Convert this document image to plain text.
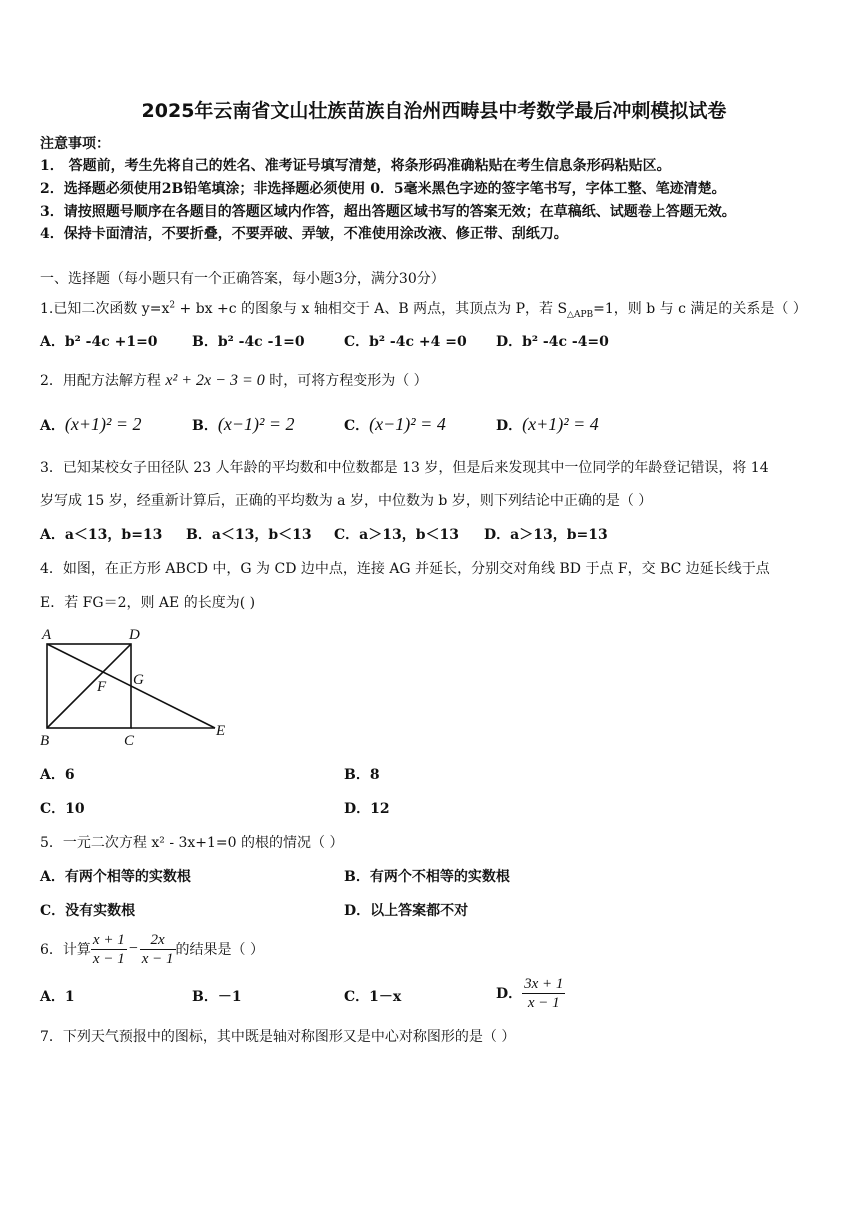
2025年云南省文山壮族苗族自治州西畴县中考数学最后冲刺模拟试卷
注意事项：
1． 答题前，考生先将自己的姓名、准考证号填写清楚，将条形码准确粘贴在考生信息条形码粘贴区。
2．选择题必须使用2B铅笔填涂；非选择题必须使用 0．5毫米黑色字迹的签字笔书写，字体工整、笔迹清楚。
3．请按照题号顺序在各题目的答题区域内作答，超出答题区域书写的答案无效；在草稿纸、试题卷上答题无效。
4．保持卡面清洁，不要折叠，不要弄破、弄皱，不准使用涂改液、修正带、刮纸刀。
一、选择题（每小题只有一个正确答案，每小题3分，满分30分）
1.已知二次函数 $y=x^2$ + bx +c 的图象与 x 轴相交于 A、B 两点，其顶点为 P，若 $S_{\triangle APB}=1$，则 b 与 c 满足的关系是（ ）
A．b² -4c +1=0 B．b² -4c -1=0	C．b² -4c +4 =0 D．b² -4c -4=0
2．用配方法解方程 x² + 2x − 3 = 0 时，可将方程变形为（ ）
A．(x+1)² = 2	B．(x−1)² = 2	C．(x−1)² = 4	D．(x+1)² = 4
3．已知某校女子田径队 23 人年龄的平均数和中位数都是 13 岁，但是后来发现其中一位同学的年龄登记错误，将 14
岁写成 15 岁，经重新计算后，正确的平均数为 a 岁，中位数为 b 岁，则下列结论中正确的是（ ）
A．a＜13，b=13 B．a＜13，b＜13 C．a＞13，b＜13 D．a＞13，b=13
4．如图，在正方形 ABCD 中，G 为 CD 边中点，连接 AG 并延长，分别交对角线 BD 于点 F，交 BC 边延长线于点
E．若 FG＝2，则 AE 的长度为( )
A	D
G
F
B	C
E
A．6	B．8
C．10	D．12
5．一元二次方程 x² - 3x+1=0 的根的情况（ ）
A．有两个相等的实数根	B．有两个不相等的实数根
C．没有实数根	D．以上答案都不对
6．计算 $\frac{x + 1}{x - 1} - \frac{2x}{x - 1}$ 的结果是（ ）
A．1	B．－1	C．1－x	D． $\frac{3x + 1}{x - 1}$
7．下列天气预报中的图标，其中既是轴对称图形又是中心对称图形的是（ ）
